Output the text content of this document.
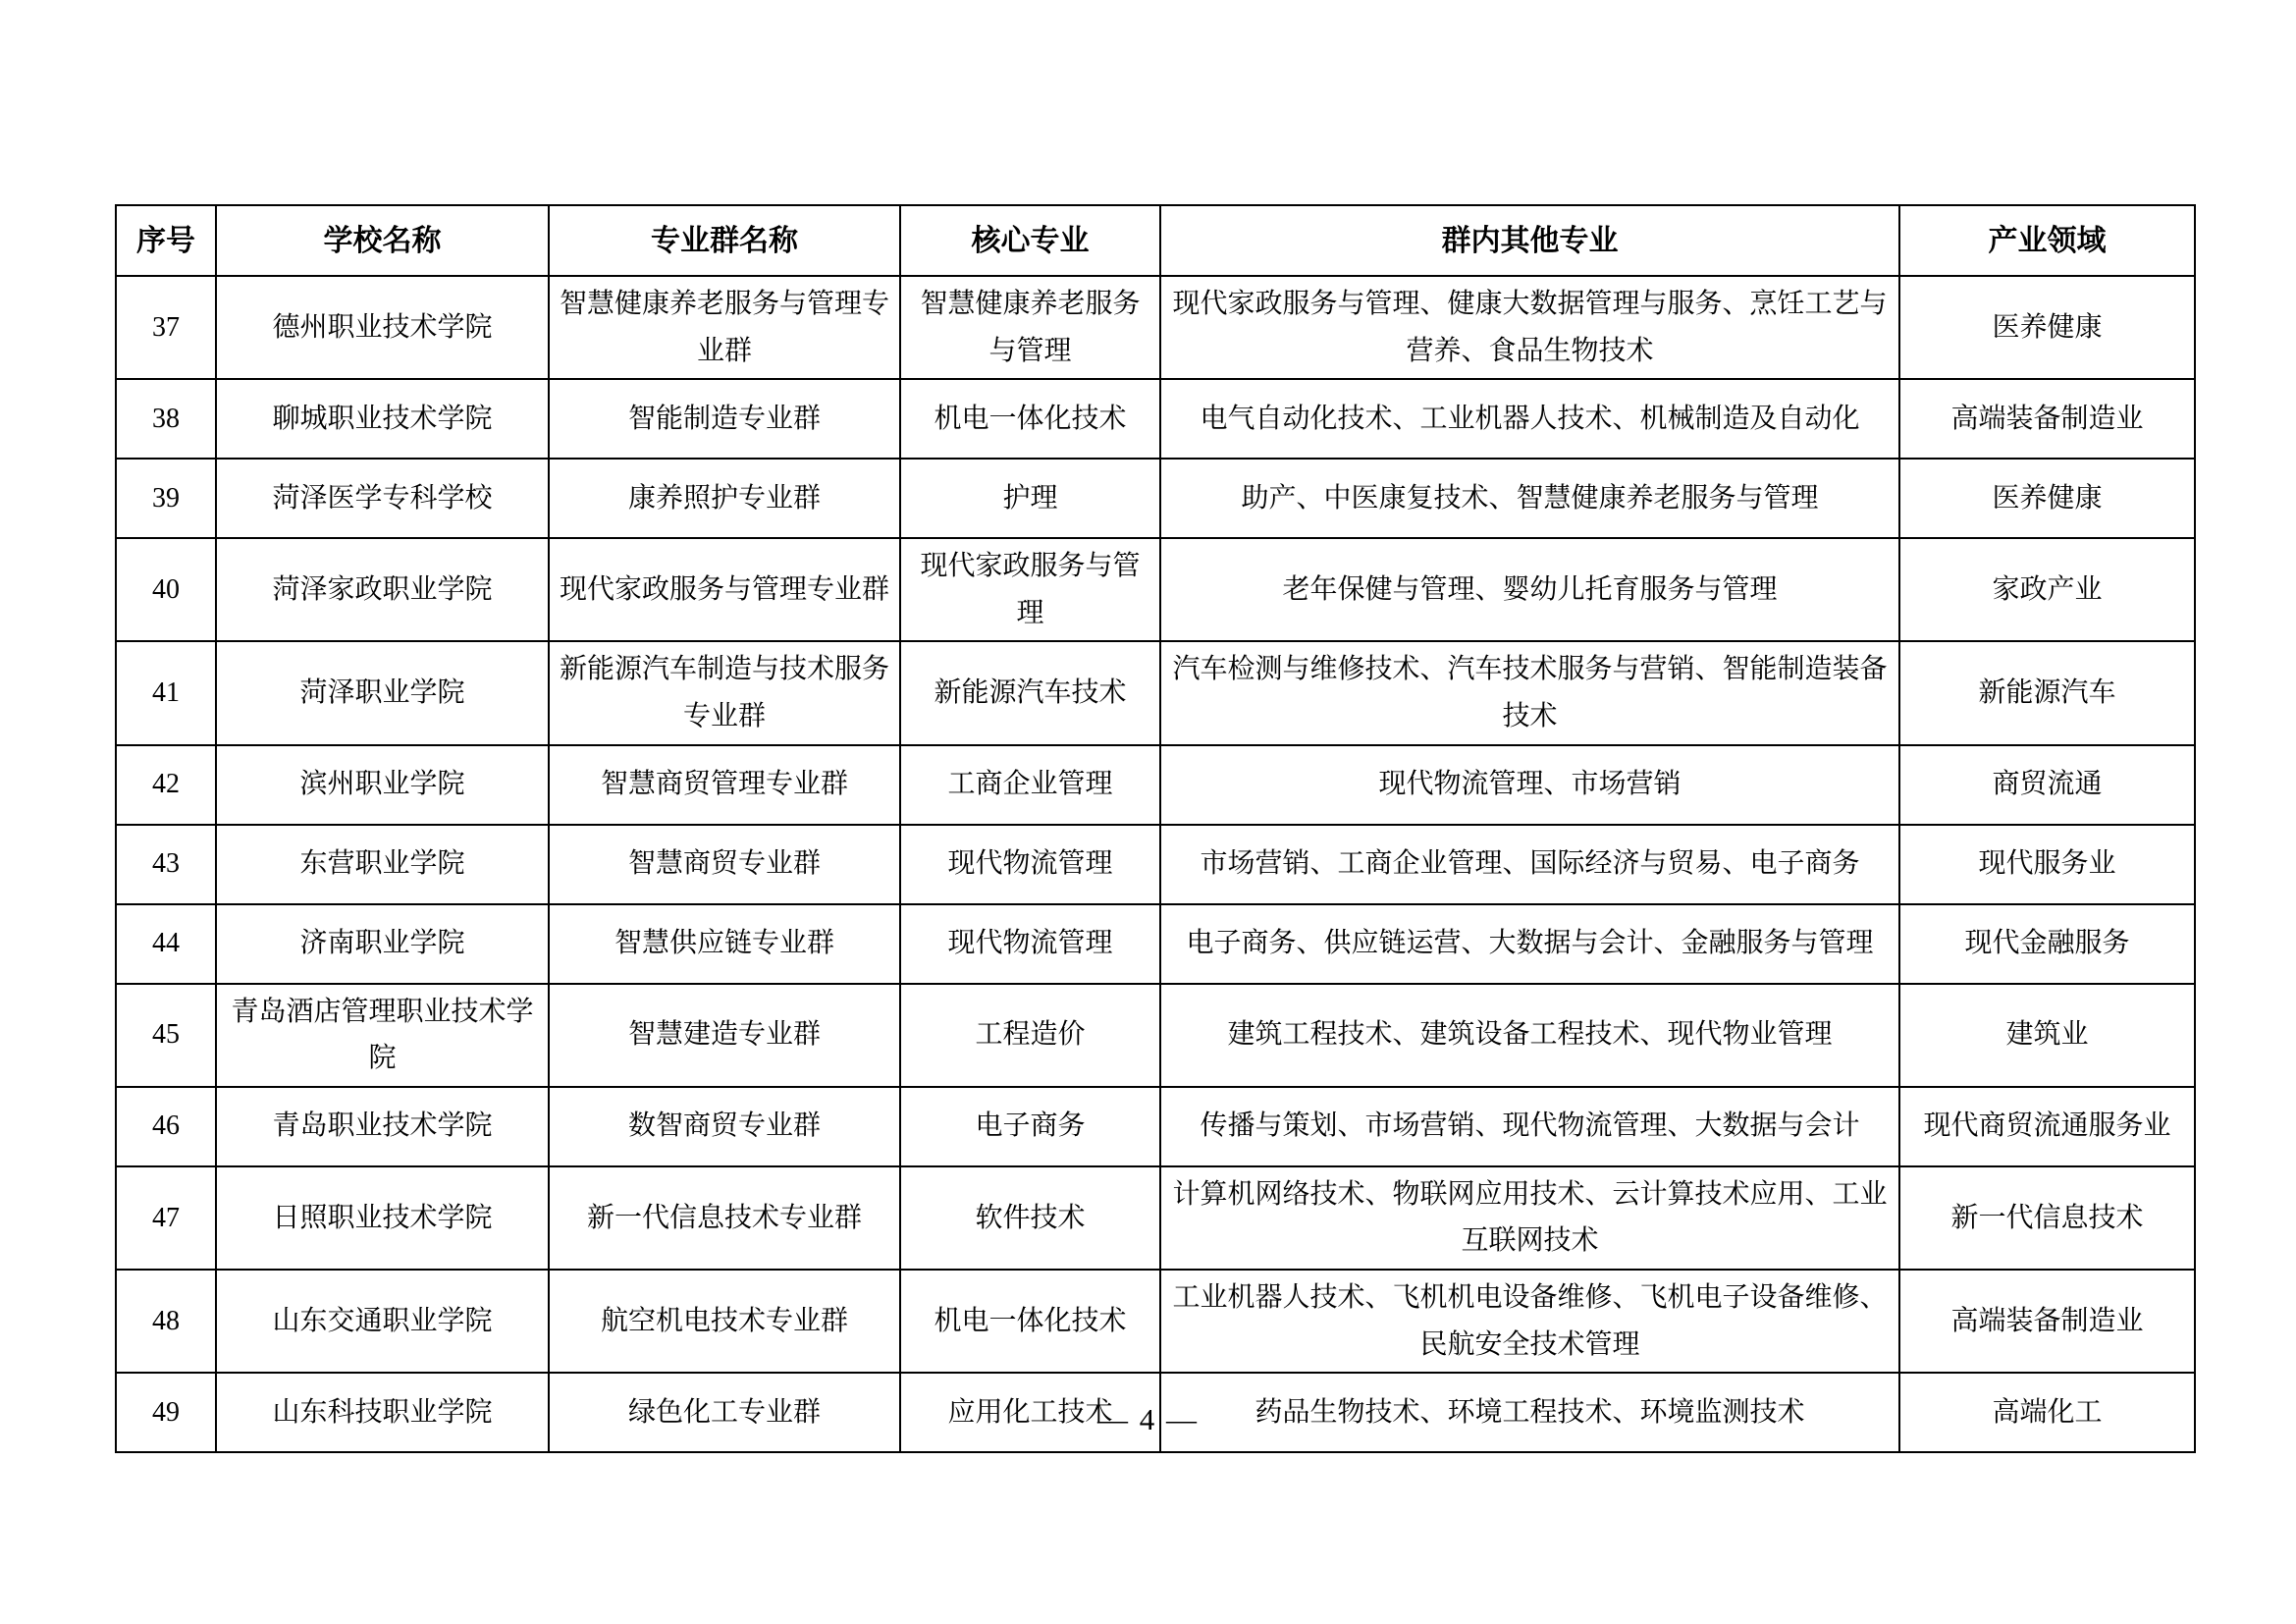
序号	学校名称	专业群名称	核心专业	群内其他专业	产业领域
37	德州职业技术学院	智慧健康养老服务与管理专业群	智慧健康养老服务与管理	现代家政服务与管理、健康大数据管理与服务、烹饪工艺与营养、食品生物技术	医养健康
38	聊城职业技术学院	智能制造专业群	机电一体化技术	电气自动化技术、工业机器人技术、机械制造及自动化	高端装备制造业
39	菏泽医学专科学校	康养照护专业群	护理	助产、中医康复技术、智慧健康养老服务与管理	医养健康
40	菏泽家政职业学院	现代家政服务与管理专业群	现代家政服务与管理	老年保健与管理、婴幼儿托育服务与管理	家政产业
41	菏泽职业学院	新能源汽车制造与技术服务专业群	新能源汽车技术	汽车检测与维修技术、汽车技术服务与营销、智能制造装备技术	新能源汽车
42	滨州职业学院	智慧商贸管理专业群	工商企业管理	现代物流管理、市场营销	商贸流通
43	东营职业学院	智慧商贸专业群	现代物流管理	市场营销、工商企业管理、国际经济与贸易、电子商务	现代服务业
44	济南职业学院	智慧供应链专业群	现代物流管理	电子商务、供应链运营、大数据与会计、金融服务与管理	现代金融服务
45	青岛酒店管理职业技术学院	智慧建造专业群	工程造价	建筑工程技术、建筑设备工程技术、现代物业管理	建筑业
46	青岛职业技术学院	数智商贸专业群	电子商务	传播与策划、市场营销、现代物流管理、大数据与会计	现代商贸流通服务业
47	日照职业技术学院	新一代信息技术专业群	软件技术	计算机网络技术、物联网应用技术、云计算技术应用、工业互联网技术	新一代信息技术
48	山东交通职业学院	航空机电技术专业群	机电一体化技术	工业机器人技术、飞机机电设备维修、飞机电子设备维修、民航安全技术管理	高端装备制造业
49	山东科技职业学院	绿色化工专业群	应用化工技术	药品生物技术、环境工程技术、环境监测技术	高端化工
— 4 —
